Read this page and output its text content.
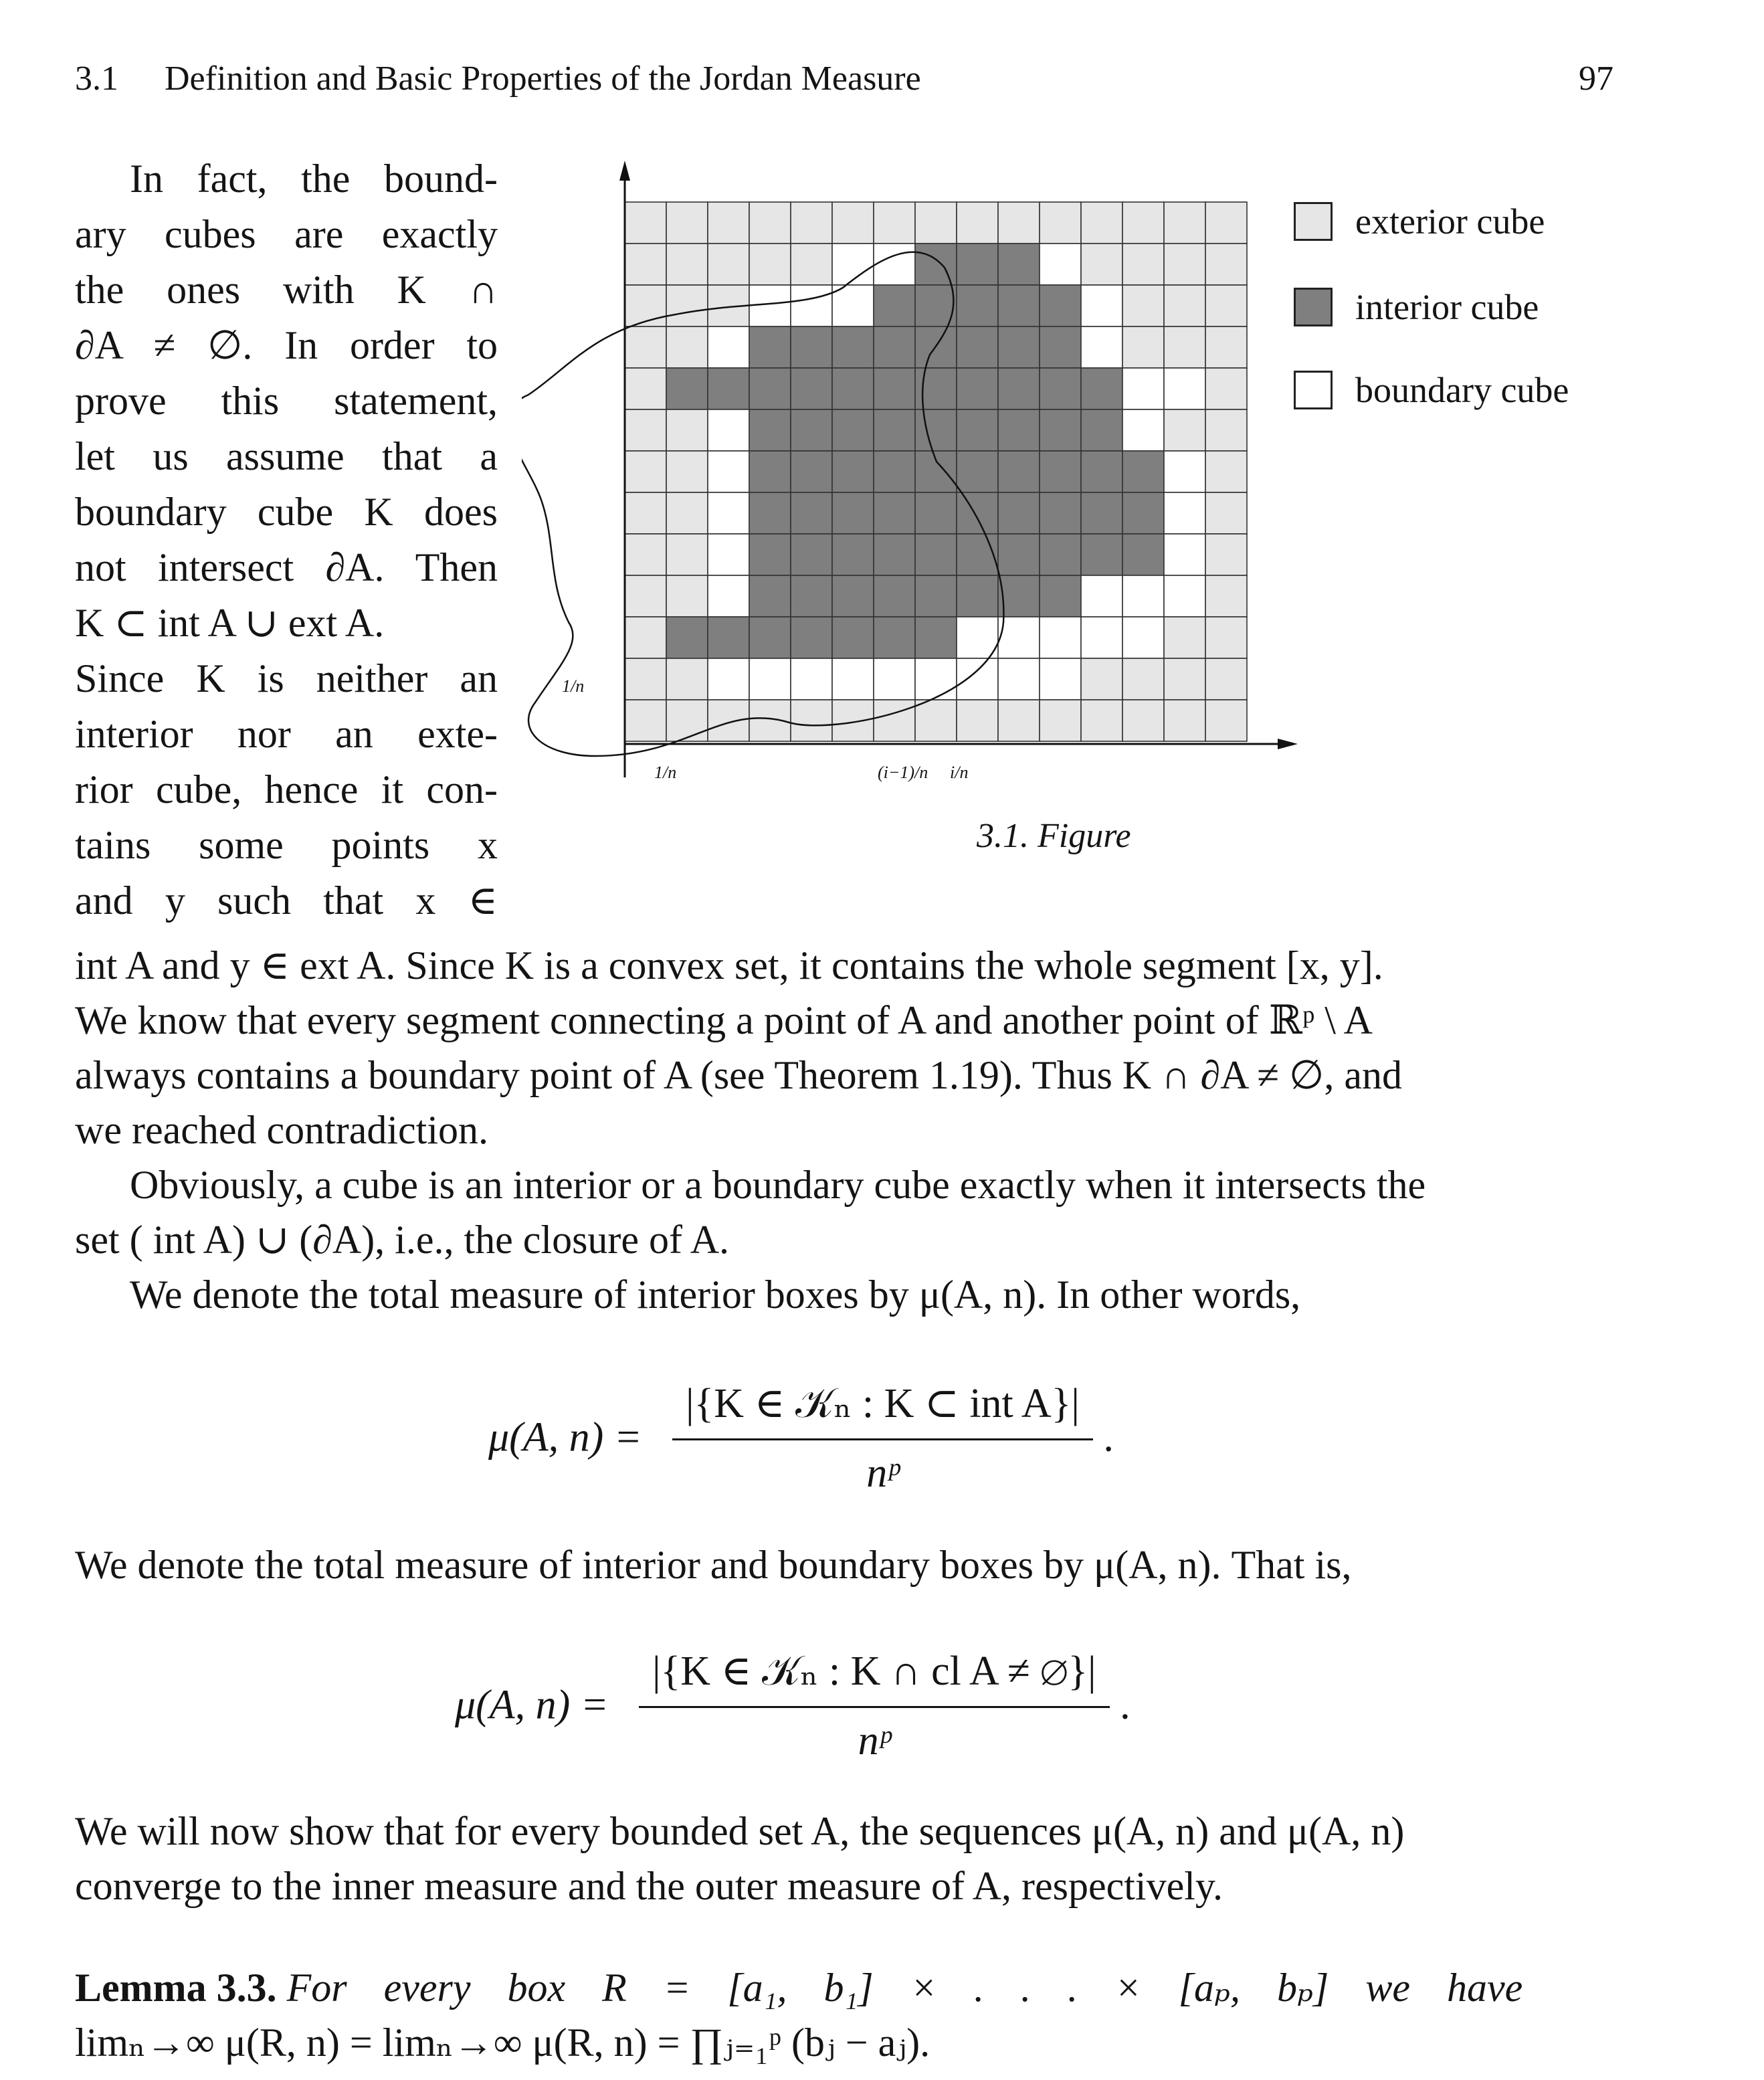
3.1 Definition and Basic Properties of the Jordan Measure	97
In fact, the bound-
ary cubes are exactly
the ones with K ∩
∂A ≠ ∅. In order to
prove this statement,
let us assume that a
boundary cube K does
not intersect ∂A. Then
K ⊂ int A ∪ ext A.
Since K is neither an
interior nor an exte-
rior cube, hence it con-
tains some points x
and y such that x ∈
1/n
1/n	(i−1)/n i/n
3.1. Figure
exterior cube
interior cube
boundary cube
int A and y ∈ ext A. Since K is a convex set, it contains the whole segment [x, y].
We know that every segment connecting a point of A and another point of ℝᵖ \ A
always contains a boundary point of A (see Theorem 1.19). Thus K ∩ ∂A ≠ ∅, and
we reached contradiction.
Obviously, a cube is an interior or a boundary cube exactly when it intersects the
set ( int A) ∪ (∂A), i.e., the closure of A.
We denote the total measure of interior boxes by μ(A, n). In other words,
μ(A, $n) = \frac{\text{|\{K ∈ 𝒦ₙ : K ⊂ int A\}|}}{\text{nᵖ}}$ .
We denote the total measure of interior and boundary boxes by μ(A, n). That is,
μ(A, $n) = \frac{\text{|\{K ∈ 𝒦ₙ : K ∩ cl A ≠ ∅\}|}}{\text{nᵖ}}$ .
We will now show that for every bounded set A, the sequences μ(A, n) and μ(A, n)
converge to the inner measure and the outer measure of A, respectively.
Lemma 3.3. For every box R = [a₁, b₁] × . . . × [aₚ, bₚ] we have
limₙ→∞ μ(R, n) = limₙ→∞ μ(R, n) = ∏ⱼ₌₁ᵖ (bⱼ − aⱼ).
